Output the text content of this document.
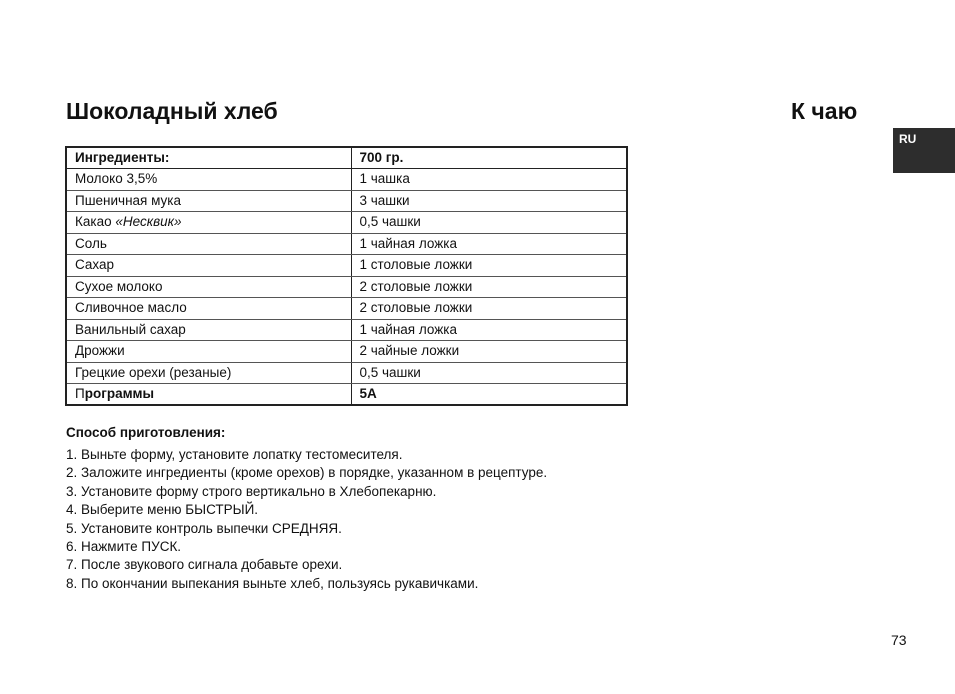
Шоколадный хлеб	К чаю
RU
Ингредиенты:	700 гр.
Молоко 3,5%	1 чашка
Пшеничная мука	3 чашки
Какао «Несквик»	0,5 чашки
Соль	1 чайная ложка
Сахар	1 столовые ложки
Сухое молоко	2 столовые ложки
Сливочное масло	2 столовые ложки
Ванильный сахар	1 чайная ложка
Дрожжи	2 чайные ложки
Грецкие орехи (резаные)	0,5 чашки
Программы	5A
Способ приготовления:
1. Выньте форму, установите лопатку тестомесителя.
2. Заложите ингредиенты (кроме орехов) в порядке, указанном в рецептуре.
3. Установите форму строго вертикально в Хлебопекарню.
4. Выберите меню БЫСТРЫЙ.
5. Установите контроль выпечки СРЕДНЯЯ.
6. Нажмите ПУСК.
7. После звукового сигнала добавьте орехи.
8. По окончании выпекания выньте хлеб, пользуясь рукавичками.
73
